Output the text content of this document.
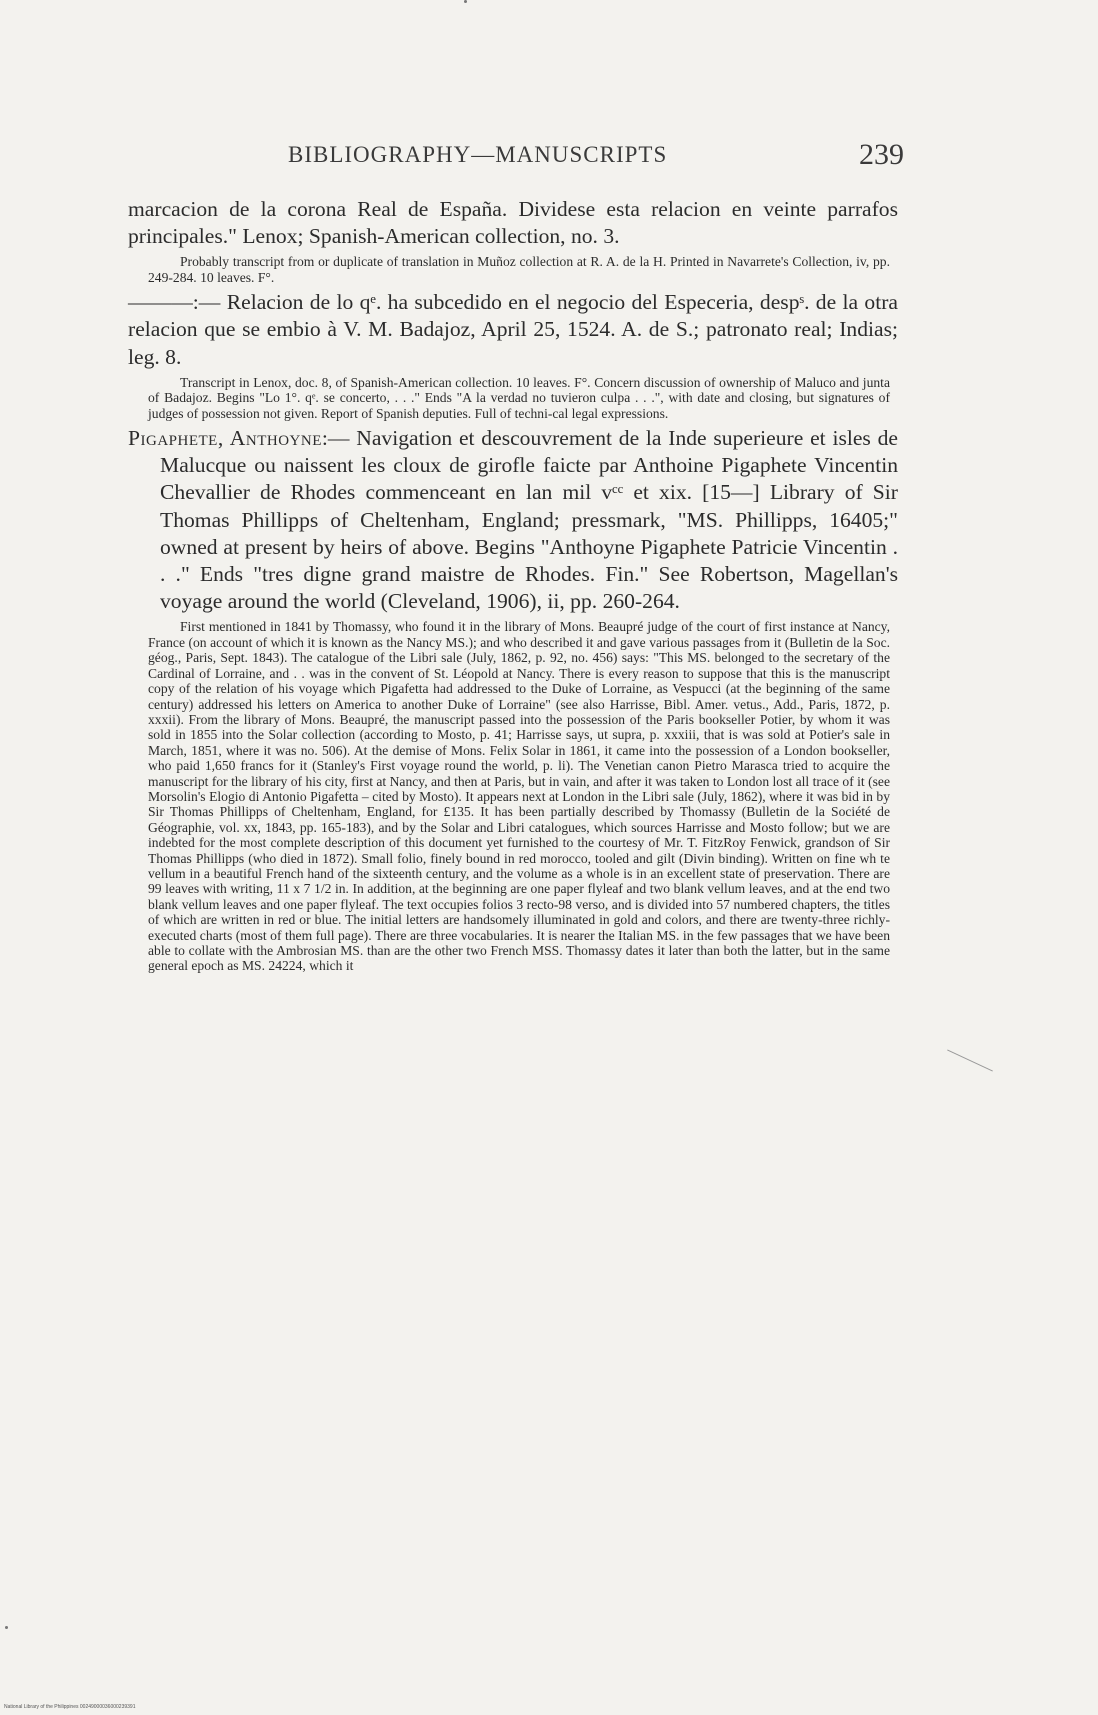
BIBLIOGRAPHY—MANUSCRIPTS	239

marcacion de la corona Real de España. Dividese esta relacion en veinte parrafos principales." Lenox; Spanish-American collection, no. 3.

Probably transcript from or duplicate of translation in Muñoz collection at R. A. de la H. Printed in Navarrete's Collection, iv, pp. 249-284. 10 leaves. F°.

———:— Relacion de lo qᵉ. ha subcedido en el negocio del Especeria, despˢ. de la otra relacion que se embio à V. M. Badajoz, April 25, 1524. A. de S.; patronato real; Indias; leg. 8.

Transcript in Lenox, doc. 8, of Spanish-American collection. 10 leaves. F°. Concern discussion of ownership of Maluco and junta of Badajoz. Begins "Lo 1°. qᵉ. se concerto, . . ." Ends "A la verdad no tuvieron culpa . . .", with date and closing, but signatures of judges of possession not given. Report of Spanish deputies. Full of techni-cal legal expressions.

Pigaphete, Anthoyne:— Navigation et descouvrement de la Inde superieure et isles de Malucque ou naissent les cloux de girofle faicte par Anthoine Pigaphete Vincentin Chevallier de Rhodes commenceant en lan mil vᶜᶜ et xix. [15—] Library of Sir Thomas Phillipps of Cheltenham, England; pressmark, "MS. Phillipps, 16405;" owned at present by heirs of above. Begins "Anthoyne Pigaphete Patricie Vincentin . . ." Ends "tres digne grand maistre de Rhodes. Fin." See Robertson, Magellan's voyage around the world (Cleveland, 1906), ii, pp. 260-264.

First mentioned in 1841 by Thomassy, who found it in the library of Mons. Beaupré judge of the court of first instance at Nancy, France (on account of which it is known as the Nancy MS.); and who described it and gave various passages from it (Bulletin de la Soc. géog., Paris, Sept. 1843). The catalogue of the Libri sale (July, 1862, p. 92, no. 456) says: "This MS. belonged to the secretary of the Cardinal of Lorraine, and . . was in the convent of St. Léopold at Nancy. There is every reason to suppose that this is the manuscript copy of the relation of his voyage which Pigafetta had addressed to the Duke of Lorraine, as Vespucci (at the beginning of the same century) addressed his letters on America to another Duke of Lorraine" (see also Harrisse, Bibl. Amer. vetus., Add., Paris, 1872, p. xxxii). From the library of Mons. Beaupré, the manuscript passed into the possession of the Paris bookseller Potier, by whom it was sold in 1855 into the Solar collection (according to Mosto, p. 41; Harrisse says, ut supra, p. xxxiii, that is was sold at Potier's sale in March, 1851, where it was no. 506). At the demise of Mons. Felix Solar in 1861, it came into the possession of a London bookseller, who paid 1,650 francs for it (Stanley's First voyage round the world, p. li). The Venetian canon Pietro Marasca tried to acquire the manuscript for the library of his city, first at Nancy, and then at Paris, but in vain, and after it was taken to London lost all trace of it (see Morsolin's Elogio di Antonio Pigafetta – cited by Mosto). It appears next at London in the Libri sale (July, 1862), where it was bid in by Sir Thomas Phillipps of Cheltenham, England, for £135. It has been partially described by Thomassy (Bulletin de la Société de Géographie, vol. xx, 1843, pp. 165-183), and by the Solar and Libri catalogues, which sources Harrisse and Mosto follow; but we are indebted for the most complete description of this document yet furnished to the courtesy of Mr. T. FitzRoy Fenwick, grandson of Sir Thomas Phillipps (who died in 1872). Small folio, finely bound in red morocco, tooled and gilt (Divin binding). Written on fine wh te vellum in a beautiful French hand of the sixteenth century, and the volume as a whole is in an excellent state of preservation. There are 99 leaves with writing, 11 x 7 1/2 in. In addition, at the beginning are one paper flyleaf and two blank vellum leaves, and at the end two blank vellum leaves and one paper flyleaf. The text occupies folios 3 recto-98 verso, and is divided into 57 numbered chapters, the titles of which are written in red or blue. The initial letters are handsomely illuminated in gold and colors, and there are twenty-three richly-executed charts (most of them full page). There are three vocabularies. It is nearer the Italian MS. in the few passages that we have been able to collate with the Ambrosian MS. than are the other two French MSS. Thomassy dates it later than both the latter, but in the same general epoch as MS. 24224, which it

National Library of the Philippines 00249000036000239391
